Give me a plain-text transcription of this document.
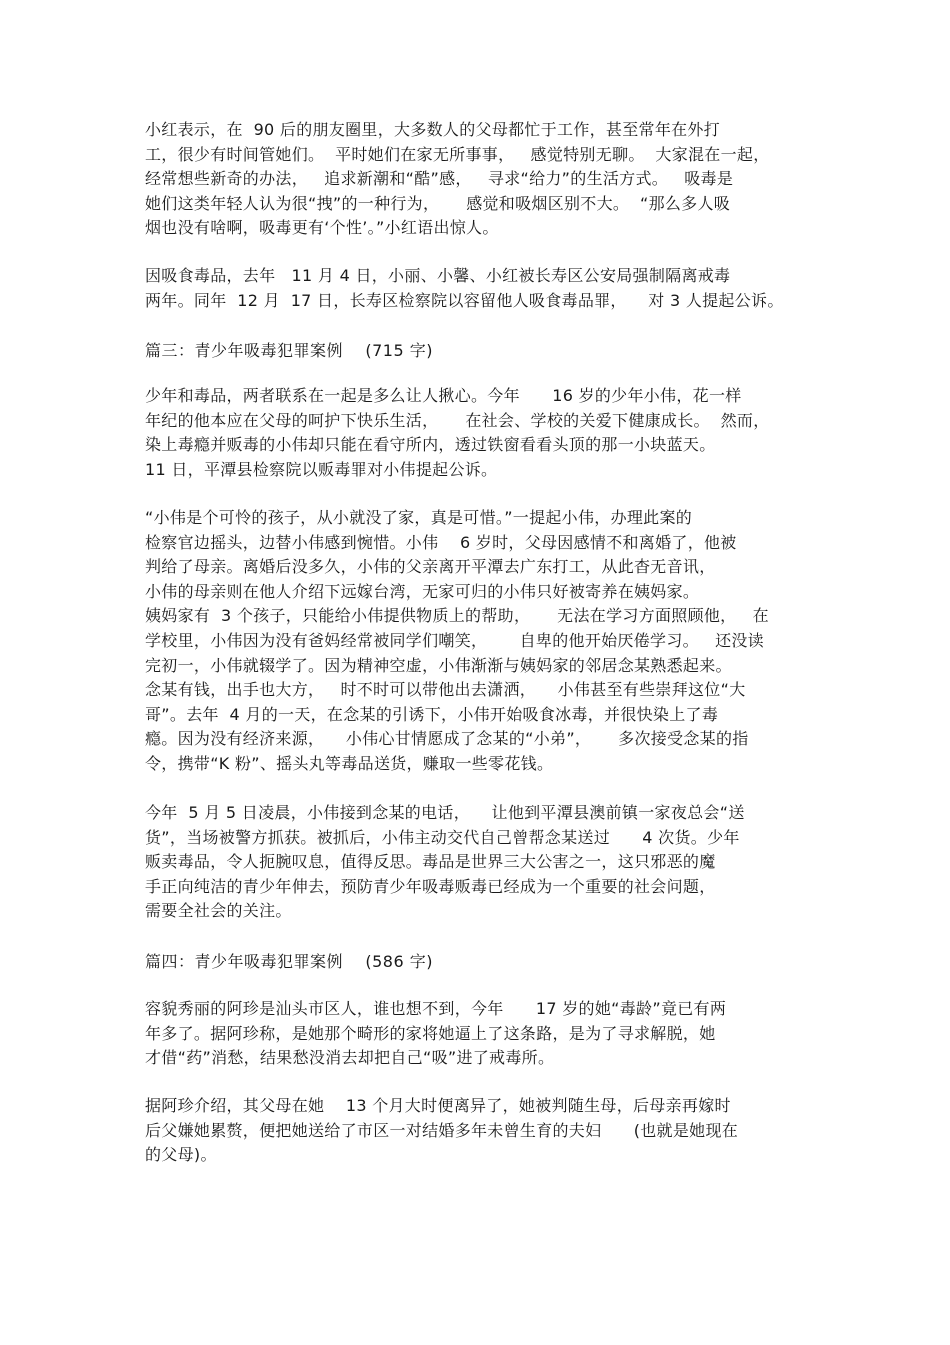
小红表示，在  90 后的朋友圈里，大多数人的父母都忙于工作，甚至常年在外打
工，很少有时间管她们。  平时她们在家无所事事，   感觉特别无聊。  大家混在一起，
经常想些新奇的办法，   追求新潮和“酷”感，   寻求“给力”的生活方式。   吸毒是
她们这类年轻人认为很“拽”的一种行为，     感觉和吸烟区别不大。  “那么多人吸
烟也没有啥啊，吸毒更有‘个性’。”小红语出惊人。
因吸食毒品，去年   11 月 4 日，小丽、小馨、小红被长寿区公安局强制隔离戒毒
两年。同年  12 月  17 日，长寿区检察院以容留他人吸食毒品罪，    对 3 人提起公诉。
篇三：青少年吸毒犯罪案例    (715 字)
少年和毒品，两者联系在一起是多么让人揪心。今年      16 岁的少年小伟，花一样
年纪的他本应在父母的呵护下快乐生活，     在社会、学校的关爱下健康成长。  然而，
染上毒瘾并贩毒的小伟却只能在看守所内，透过铁窗看看头顶的那一小块蓝天。
11 日，平潭县检察院以贩毒罪对小伟提起公诉。
“小伟是个可怜的孩子，从小就没了家，真是可惜。”一提起小伟，办理此案的
检察官边摇头，边替小伟感到惋惜。小伟    6 岁时，父母因感情不和离婚了，他被
判给了母亲。离婚后没多久，小伟的父亲离开平潭去广东打工，从此杳无音讯，
小伟的母亲则在他人介绍下远嫁台湾，无家可归的小伟只好被寄养在姨妈家。
姨妈家有  3 个孩子，只能给小伟提供物质上的帮助，     无法在学习方面照顾他，   在
学校里，小伟因为没有爸妈经常被同学们嘲笑，      自卑的他开始厌倦学习。   还没读
完初一，小伟就辍学了。因为精神空虚，小伟渐渐与姨妈家的邻居念某熟悉起来。
念某有钱，出手也大方，   时不时可以带他出去潇洒，    小伟甚至有些崇拜这位“大
哥”。去年  4 月的一天，在念某的引诱下，小伟开始吸食冰毒，并很快染上了毒
瘾。因为没有经济来源，    小伟心甘情愿成了念某的“小弟”，     多次接受念某的指
令，携带“K 粉”、摇头丸等毒品送货，赚取一些零花钱。
今年  5 月 5 日凌晨，小伟接到念某的电话，    让他到平潭县澳前镇一家夜总会“送
货”，当场被警方抓获。被抓后，小伟主动交代自己曾帮念某送过      4 次货。少年
贩卖毒品，令人扼腕叹息，值得反思。毒品是世界三大公害之一，这只邪恶的魔
手正向纯洁的青少年伸去，预防青少年吸毒贩毒已经成为一个重要的社会问题，
需要全社会的关注。
篇四：青少年吸毒犯罪案例    (586 字)
容貌秀丽的阿珍是汕头市区人，谁也想不到，今年      17 岁的她“毒龄”竟已有两
年多了。据阿珍称，是她那个畸形的家将她逼上了这条路，是为了寻求解脱，她
才借“药”消愁，结果愁没消去却把自己“吸”进了戒毒所。
据阿珍介绍，其父母在她    13 个月大时便离异了，她被判随生母，后母亲再嫁时
后父嫌她累赘，便把她送给了市区一对结婚多年未曾生育的夫妇      (也就是她现在
的父母)。
